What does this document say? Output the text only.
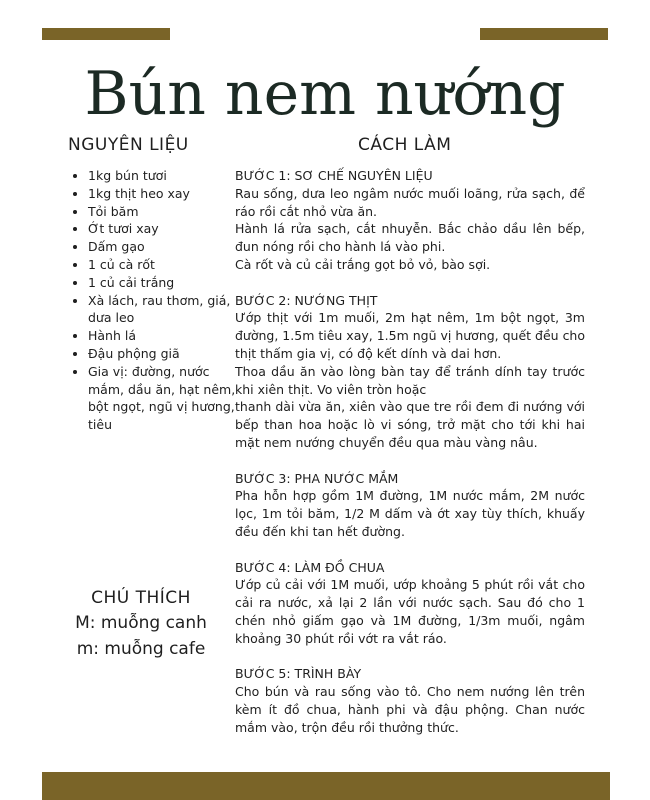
Bún nem nướng
NGUYÊN LIỆU	CÁCH LÀM
• 1kg bún tươi
• 1kg thịt heo xay
• Tỏi băm
• Ớt tươi xay
• Dấm gạo
• 1 củ cà rốt
• 1 củ cải trắng
• Xà lách, rau thơm, giá, dưa leo
• Hành lá
• Đậu phộng giã
• Gia vị: đường, nước mắm, dầu ăn, hạt nêm, bột ngọt, ngũ vị hương, tiêu
CHÚ THÍCH

M: muỗng canh

m: muỗng cafe

BƯỚC 1: SƠ CHẾ NGUYÊN LIỆU

Rau sống, dưa leo ngâm nước muối loãng, rửa sạch, để ráo rồi cắt nhỏ vừa ăn.

Hành lá rửa sạch, cắt nhuyễn. Bắc chảo dầu lên bếp, đun nóng rồi cho hành lá vào phi.

Cà rốt và củ cải trắng gọt bỏ vỏ, bào sợi.

BƯỚC 2: NƯỚNG THỊT

Ướp thịt với 1m muối, 2m hạt nêm, 1m bột ngọt, 3m đường, 1.5m tiêu xay, 1.5m ngũ vị hương, quết đều cho thịt thấm gia vị, có độ kết dính và dai hơn.

Thoa dầu ăn vào lòng bàn tay để tránh dính tay trước khi xiên thịt. Vo viên tròn hoặc

thanh dài vừa ăn, xiên vào que tre rồi đem đi nướng với bếp than hoa hoặc lò vi sóng, trở mặt cho tới khi hai mặt nem nướng chuyển đều qua màu vàng nâu.

BƯỚC 3: PHA NƯỚC MẮM

Pha hỗn hợp gồm 1M đường, 1M nước mắm, 2M nước lọc, 1m tỏi băm, 1/2 M dấm và ớt xay tùy thích, khuấy đều đến khi tan hết đường.

BƯỚC 4: LÀM ĐỒ CHUA

Ướp củ cải với 1M muối, ướp khoảng 5 phút rồi vắt cho cải ra nước, xả lại 2 lần với nước sạch. Sau đó cho 1 chén nhỏ giấm gạo và 1M đường, 1/3m muối, ngâm khoảng 30 phút rồi vớt ra vắt ráo.

BƯỚC 5: TRÌNH BÀY

Cho bún và rau sống vào tô. Cho nem nướng lên trên kèm ít đồ chua, hành phi và đậu phộng. Chan nước mắm vào, trộn đều rồi thưởng thức.
